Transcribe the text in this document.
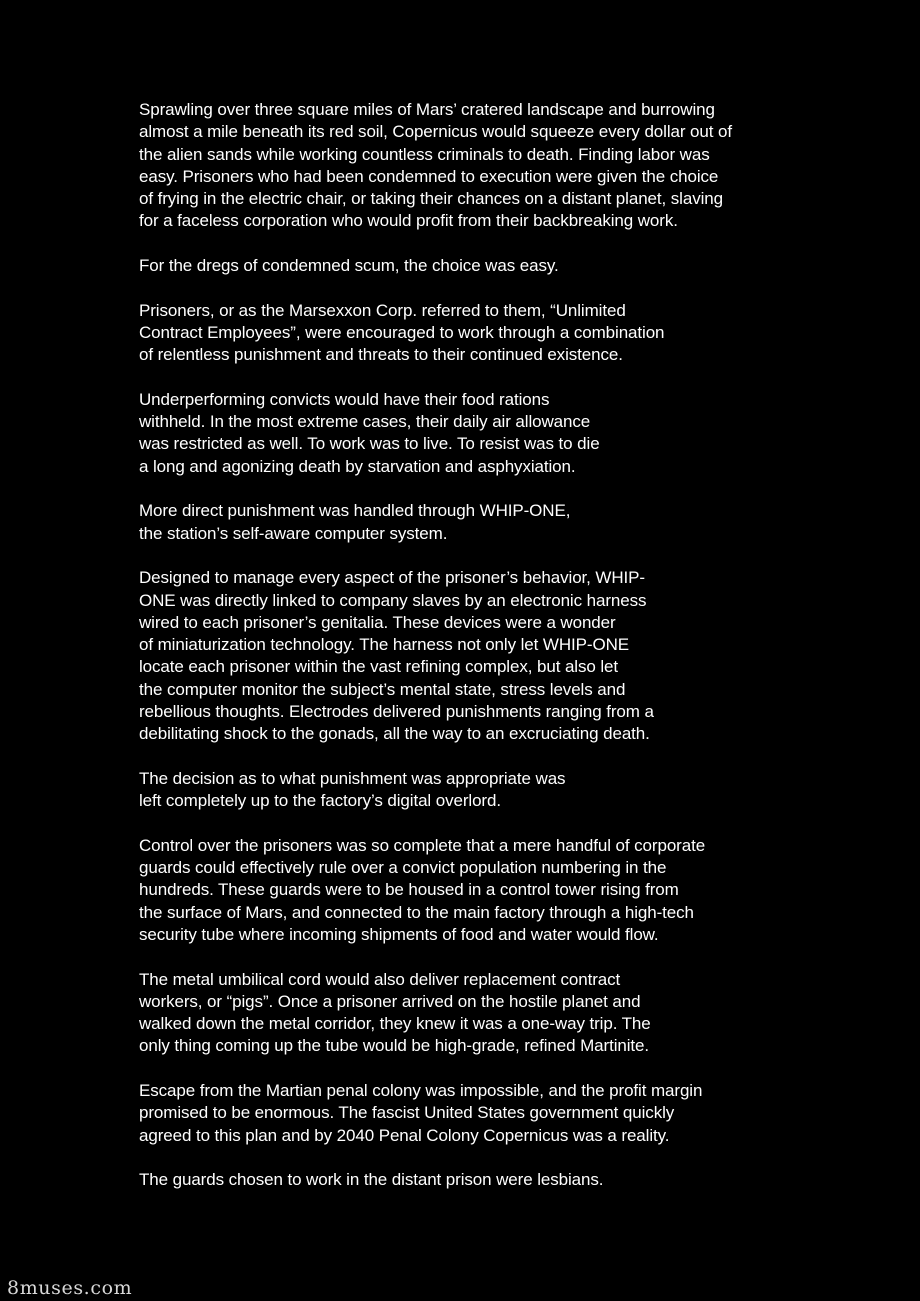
Sprawling over three square miles of Mars’ cratered landscape and burrowing
almost a mile beneath its red soil, Copernicus would squeeze every dollar out of
the alien sands while working countless criminals to death. Finding labor was
easy. Prisoners who had been condemned to execution were given the choice
of frying in the electric chair, or taking their chances on a distant planet, slaving
for a faceless corporation who would profit from their backbreaking work.

For the dregs of condemned scum, the choice was easy.

Prisoners, or as the Marsexxon Corp. referred to them, “Unlimited
Contract Employees”, were encouraged to work through a combination
of relentless punishment and threats to their continued existence.

Underperforming convicts would have their food rations
withheld. In the most extreme cases, their daily air allowance
was restricted as well. To work was to live. To resist was to die
a long and agonizing death by starvation and asphyxiation.

More direct punishment was handled through WHIP-ONE,
the station’s self-aware computer system.

Designed to manage every aspect of the prisoner’s behavior, WHIP-
ONE was directly linked to company slaves by an electronic harness
wired to each prisoner’s genitalia. These devices were a wonder
of miniaturization technology. The harness not only let WHIP-ONE
locate each prisoner within the vast refining complex, but also let
the computer monitor the subject’s mental state, stress levels and
rebellious thoughts. Electrodes delivered punishments ranging from a
debilitating shock to the gonads, all the way to an excruciating death.

The decision as to what punishment was appropriate was
left completely up to the factory’s digital overlord.

Control over the prisoners was so complete that a mere handful of corporate
guards could effectively rule over a convict population numbering in the
hundreds. These guards were to be housed in a control tower rising from
the surface of Mars, and connected to the main factory through a high-tech
security tube where incoming shipments of food and water would flow.

The metal umbilical cord would also deliver replacement contract
workers, or “pigs”. Once a prisoner arrived on the hostile planet and
walked down the metal corridor, they knew it was a one-way trip. The
only thing coming up the tube would be high-grade, refined Martinite.

Escape from the Martian penal colony was impossible, and the profit margin
promised to be enormous. The fascist United States government quickly
agreed to this plan and by 2040 Penal Colony Copernicus was a reality.

The guards chosen to work in the distant prison were lesbians.

8muses.com
